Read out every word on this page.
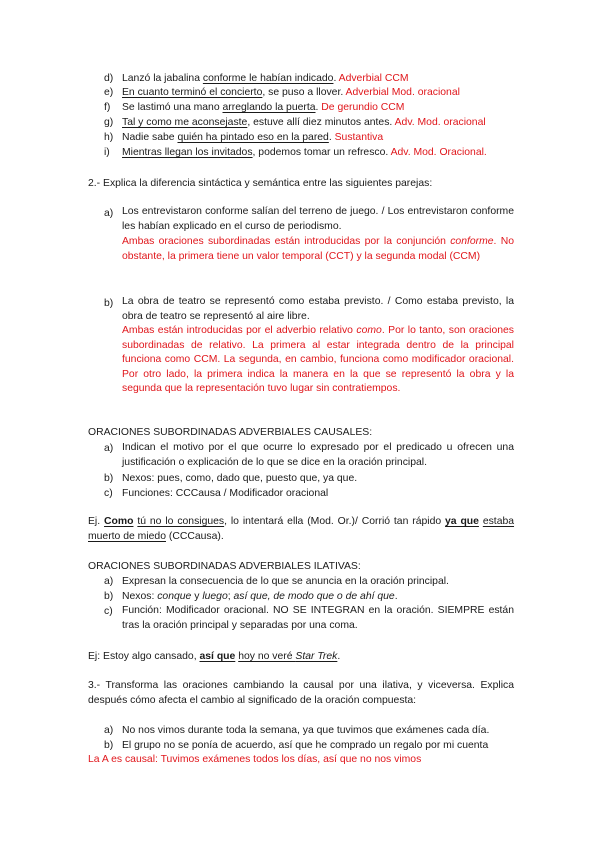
d) Lanzó la jabalina conforme le habían indicado. Adverbial CCM
e) En cuanto terminó el concierto, se puso a llover. Adverbial Mod. oracional
f) Se lastimó una mano arreglando la puerta. De gerundio CCM
g) Tal y como me aconsejaste, estuve allí diez minutos antes. Adv. Mod. oracional
h) Nadie sabe quién ha pintado eso en la pared. Sustantiva
i) Mientras llegan los invitados, podemos tomar un refresco. Adv. Mod. Oracional.
2.- Explica la diferencia sintáctica y semántica entre las siguientes parejas:
a) Los entrevistaron conforme salían del terreno de juego. / Los entrevistaron conforme les habían explicado en el curso de periodismo.
Ambas oraciones subordinadas están introducidas por la conjunción conforme. No obstante, la primera tiene un valor temporal (CCT) y la segunda modal (CCM)
b) La obra de teatro se representó como estaba previsto. / Como estaba previsto, la obra de teatro se representó al aire libre.
Ambas están introducidas por el adverbio relativo como. Por lo tanto, son oraciones subordinadas de relativo. La primera al estar integrada dentro de la principal funciona como CCM. La segunda, en cambio, funciona como modificador oracional. Por otro lado, la primera indica la manera en la que se representó la obra y la segunda que la representación tuvo lugar sin contratiempos.
ORACIONES SUBORDINADAS ADVERBIALES CAUSALES:
a) Indican el motivo por el que ocurre lo expresado por el predicado u ofrecen una justificación o explicación de lo que se dice en la oración principal.
b) Nexos: pues, como, dado que, puesto que, ya que.
c) Funciones: CCCausa / Modificador oracional
Ej. Como tú no lo consigues, lo intentará ella (Mod. Or.)/ Corrió tan rápido ya que estaba muerto de miedo (CCCausa).
ORACIONES SUBORDINADAS ADVERBIALES ILATIVAS:
a) Expresan la consecuencia de lo que se anuncia en la oración principal.
b) Nexos: conque y luego; así que, de modo que o de ahí que.
c) Función: Modificador oracional. NO SE INTEGRAN en la oración. SIEMPRE están tras la oración principal y separadas por una coma.
Ej: Estoy algo cansado, así que hoy no veré Star Trek.
3.- Transforma las oraciones cambiando la causal por una ilativa, y viceversa. Explica después cómo afecta el cambio al significado de la oración compuesta:
a) No nos vimos durante toda la semana, ya que tuvimos que exámenes cada día.
b) El grupo no se ponía de acuerdo, así que he comprado un regalo por mi cuenta
La A es causal: Tuvimos exámenes todos los días, así que no nos vimos
